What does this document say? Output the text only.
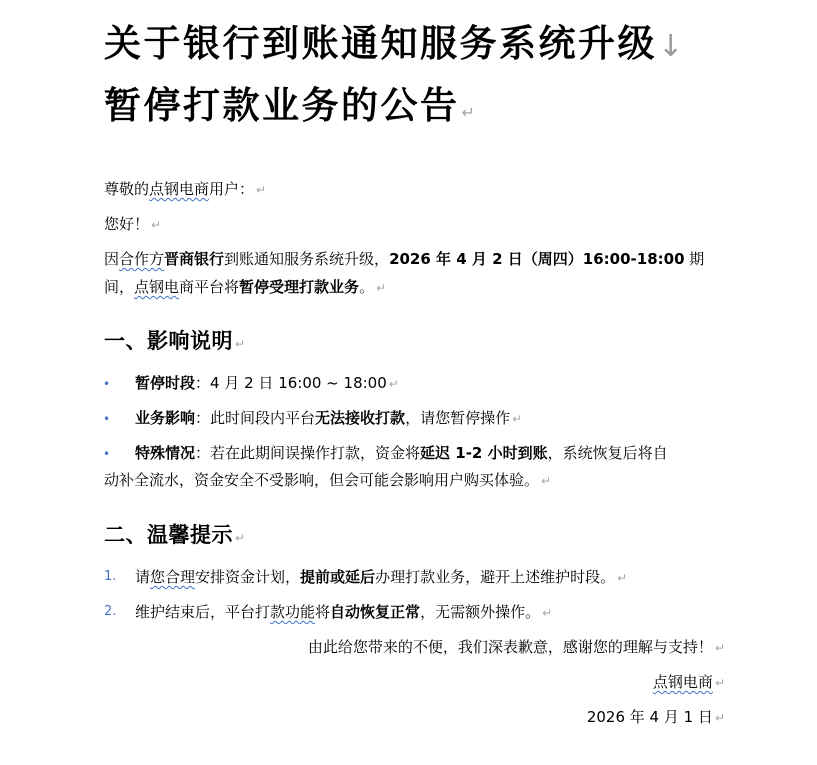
关于银行到账通知服务系统升级↓
暂停打款业务的公告 ↵
尊敬的点钢电商用户： ↵
您好！ ↵
因合作方晋商银行到账通知服务系统升级，2026 年 4 月 2 日（周四）16:00-18:00 期
间，点钢电商平台将暂停受理打款业务。 ↵
一、影响说明 ↵
• 暂停时段：4 月 2 日 16:00 ~ 18:00 ↵
• 业务影响：此时间段内平台无法接收打款，请您暂停操作 ↵
• 特殊情况：若在此期间误操作打款，资金将延迟 1-2 小时到账，系统恢复后将自
动补全流水，资金安全不受影响，但会可能会影响用户购买体验。 ↵
二、温馨提示 ↵
1. 请您合理安排资金计划，提前或延后办理打款业务，避开上述维护时段。 ↵
2. 维护结束后，平台打款功能将自动恢复正常，无需额外操作。 ↵
由此给您带来的不便，我们深表歉意，感谢您的理解与支持！ ↵
点钢电商 ↵
2026 年 4 月 1 日 ↵
